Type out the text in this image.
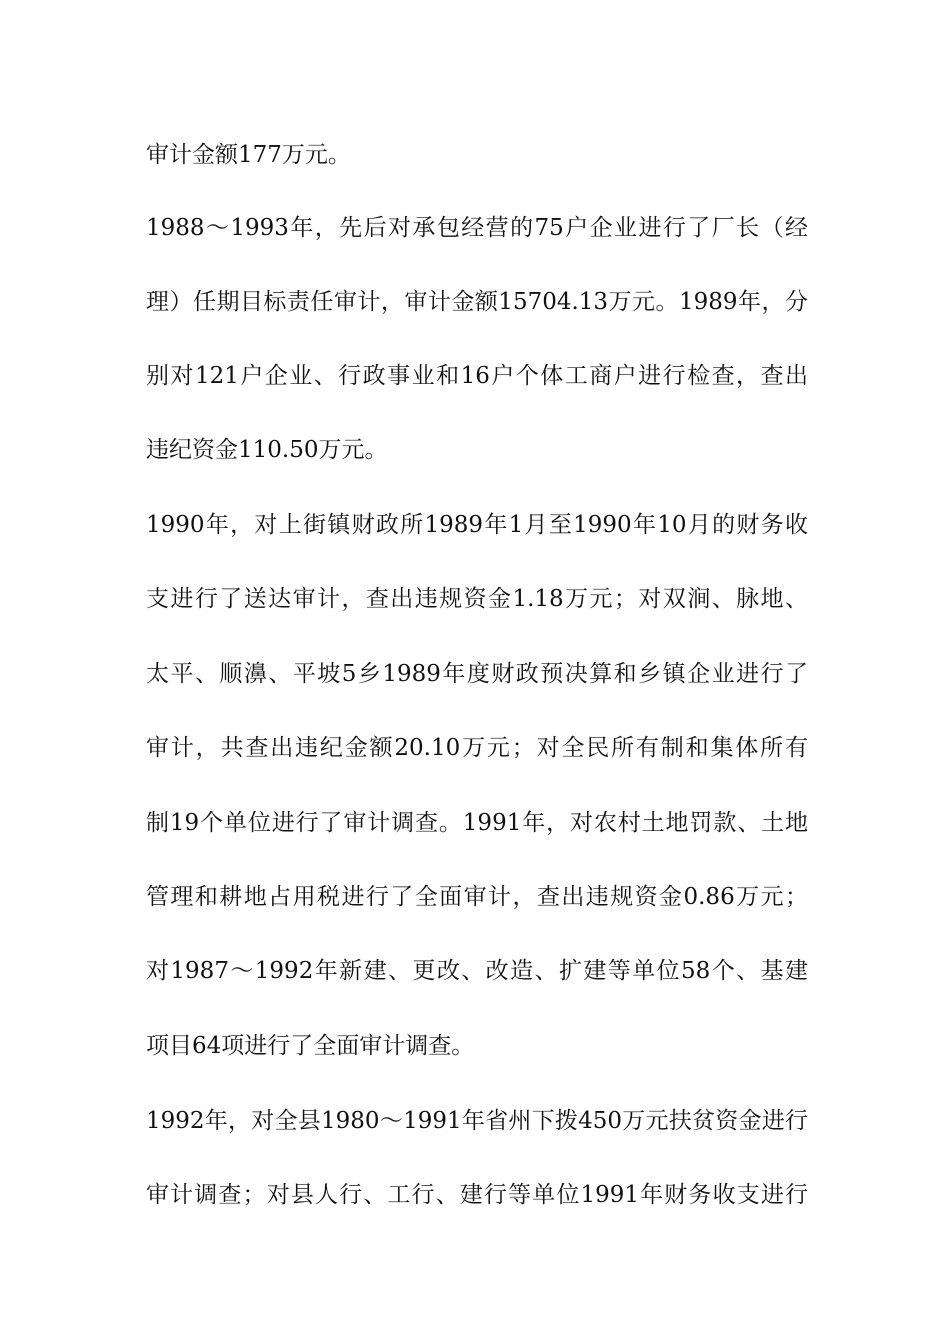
审计金额177万元。
1988～1993年，先后对承包经营的75户企业进行了厂长（经
理）任期目标责任审计，审计金额15704.13万元。1989年，分
别对121户企业、行政事业和16户个体工商户进行检查，查出
违纪资金110.50万元。
1990年，对上街镇财政所1989年1月至1990年10月的财务收
支进行了送达审计，查出违规资金1.18万元；对双涧、脉地、
太平、顺濞、平坡5乡1989年度财政预决算和乡镇企业进行了
审计，共查出违纪金额20.10万元；对全民所有制和集体所有
制19个单位进行了审计调查。1991年，对农村土地罚款、土地
管理和耕地占用税进行了全面审计，查出违规资金0.86万元；
对1987～1992年新建、更改、改造、扩建等单位58个、基建
项目64项进行了全面审计调查。
1992年，对全县1980～1991年省州下拨450万元扶贫资金进行
审计调查；对县人行、工行、建行等单位1991年财务收支进行
